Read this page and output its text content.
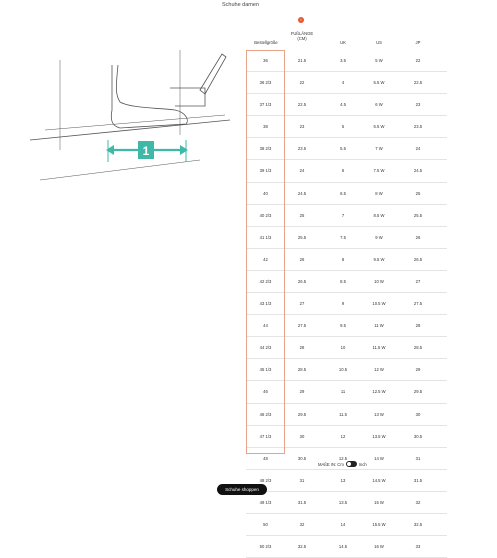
Schuhe damen
1
i
Bestellgröße
FUßLÄNGE (CM)
UK	US	JP
36	21.5	3.5	5 W	22
36 2/3	22	4	5.5 W	22.5
37 1/3	22.5	4.5	6 W	23
38	23	5	6.5 W	23.5
38 2/3	23.5	5.5	7 W	24
39 1/3	24	6	7.5 W	24.5
40	24.5	6.5	8 W	25
40 2/3	25	7	8.5 W	25.5
41 1/3	25.5	7.5	9 W	26
42	26	8	9.5 W	26.5
42 2/3	26.5	8.5	10 W	27
43 1/3	27	9	10.5 W	27.5
44	27.5	9.5	11 W	28
44 2/3	28	10	11.5 W	28.5
45 1/3	28.5	10.5	12 W	29
46	29	11	12.5 W	29.5
46 2/3	29.5	11.5	13 W	30
47 1/3	30	12	13.5 W	30.5
48	30.5	12.5	14 W	31
48 2/3	31	13	14.5 W	31.5
49 1/3	31.5	13.5	15 W	32
50	32	14	15.5 W	32.5
50 2/3	32.5	14.5	16 W	33
MAßE IN: Cm	Inch
Schuhe shoppen
